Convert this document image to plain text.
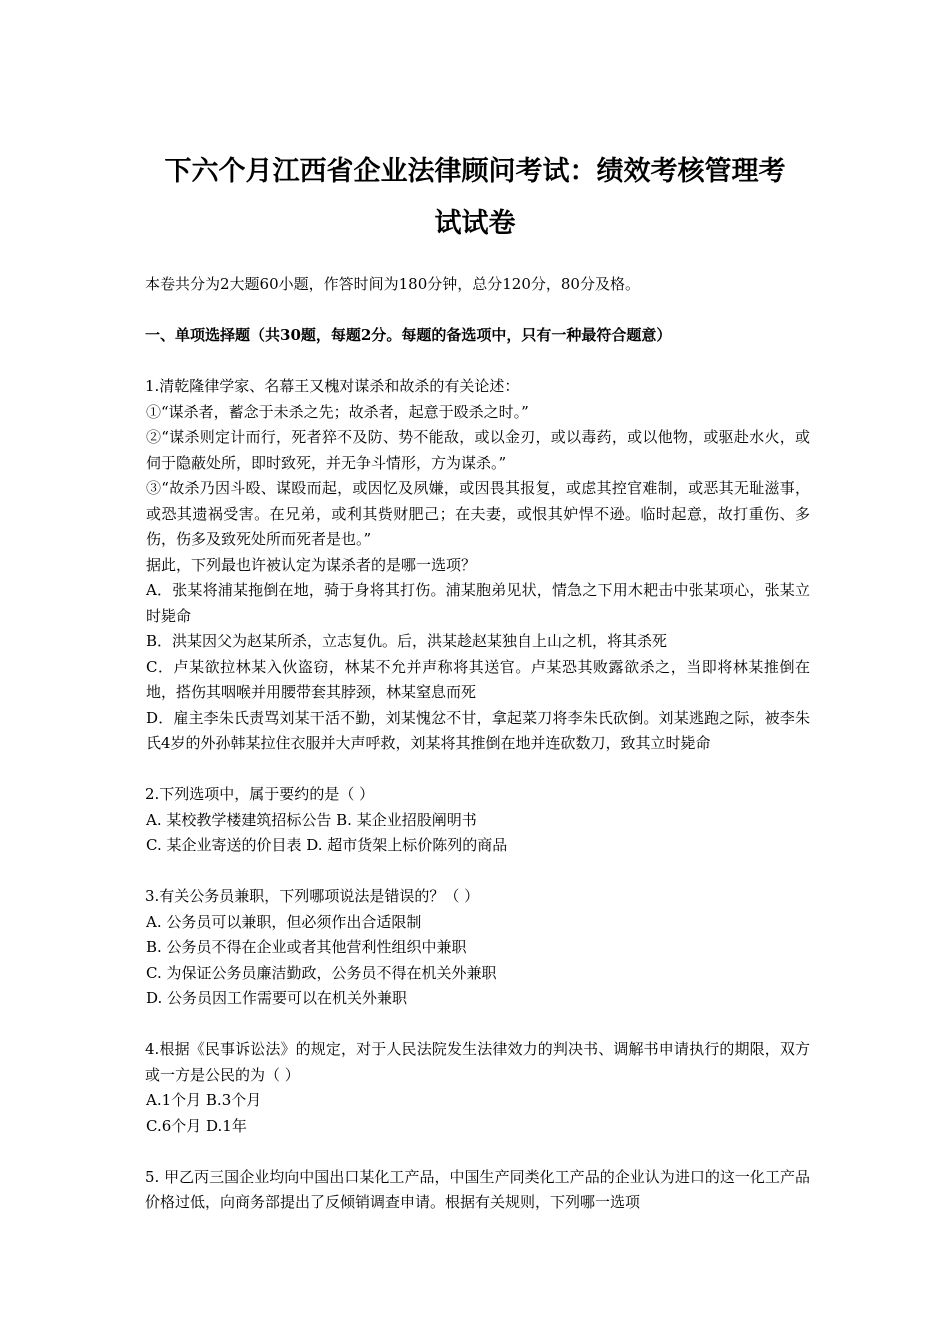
下六个月江西省企业法律顾问考试：绩效考核管理考
试试卷

本卷共分为2大题60小题，作答时间为180分钟，总分120分，80分及格。

一、单项选择题（共30题，每题2分。每题的备选项中，只有一种最符合题意）

1.清乾隆律学家、名幕王又槐对谋杀和故杀的有关论述：

①“谋杀者，蓄念于未杀之先；故杀者，起意于殴杀之时。”

②“谋杀则定计而行，死者猝不及防、势不能敌，或以金刃，或以毒药，或以他物，或驱赴水火，或伺于隐蔽处所，即时致死，并无争斗情形，方为谋杀。”

③“故杀乃因斗殴、谋殴而起，或因忆及夙嫌，或因畏其报复，或虑其控官难制，或恶其无耻滋事，或恐其遗祸受害。在兄弟，或利其赀财肥己；在夫妻，或恨其妒悍不逊。临时起意，故打重伤、多伤，伤多及致死处所而死者是也。”

据此，下列最也许被认定为谋杀者的是哪一选项？

A．张某将浦某拖倒在地，骑于身将其打伤。浦某胞弟见状，情急之下用木耙击中张某项心，张某立时毙命

B．洪某因父为赵某所杀，立志复仇。后，洪某趁赵某独自上山之机，将其杀死

C．卢某欲拉林某入伙盗窃，林某不允并声称将其送官。卢某恐其败露欲杀之，当即将林某推倒在地，搭伤其咽喉并用腰带套其脖颈，林某窒息而死

D．雇主李朱氏责骂刘某干活不勤，刘某愧忿不甘，拿起菜刀将李朱氏砍倒。刘某逃跑之际，被李朱氏4岁的外孙韩某拉住衣服并大声呼救，刘某将其推倒在地并连砍数刀，致其立时毙命

2.下列选项中，属于要约的是（ ）

A. 某校教学楼建筑招标公告 B. 某企业招股阐明书

C. 某企业寄送的价目表 D. 超市货架上标价陈列的商品

3.有关公务员兼职，下列哪项说法是错误的？（ ）

A. 公务员可以兼职，但必须作出合适限制

B. 公务员不得在企业或者其他营利性组织中兼职

C. 为保证公务员廉洁勤政，公务员不得在机关外兼职

D. 公务员因工作需要可以在机关外兼职

4.根据《民事诉讼法》的规定，对于人民法院发生法律效力的判决书、调解书申请执行的期限，双方或一方是公民的为（ ）

A.1个月 B.3个月

C.6个月 D.1年

5. 甲乙丙三国企业均向中国出口某化工产品，中国生产同类化工产品的企业认为进口的这一化工产品价格过低，向商务部提出了反倾销调查申请。根据有关规则，下列哪一选项
